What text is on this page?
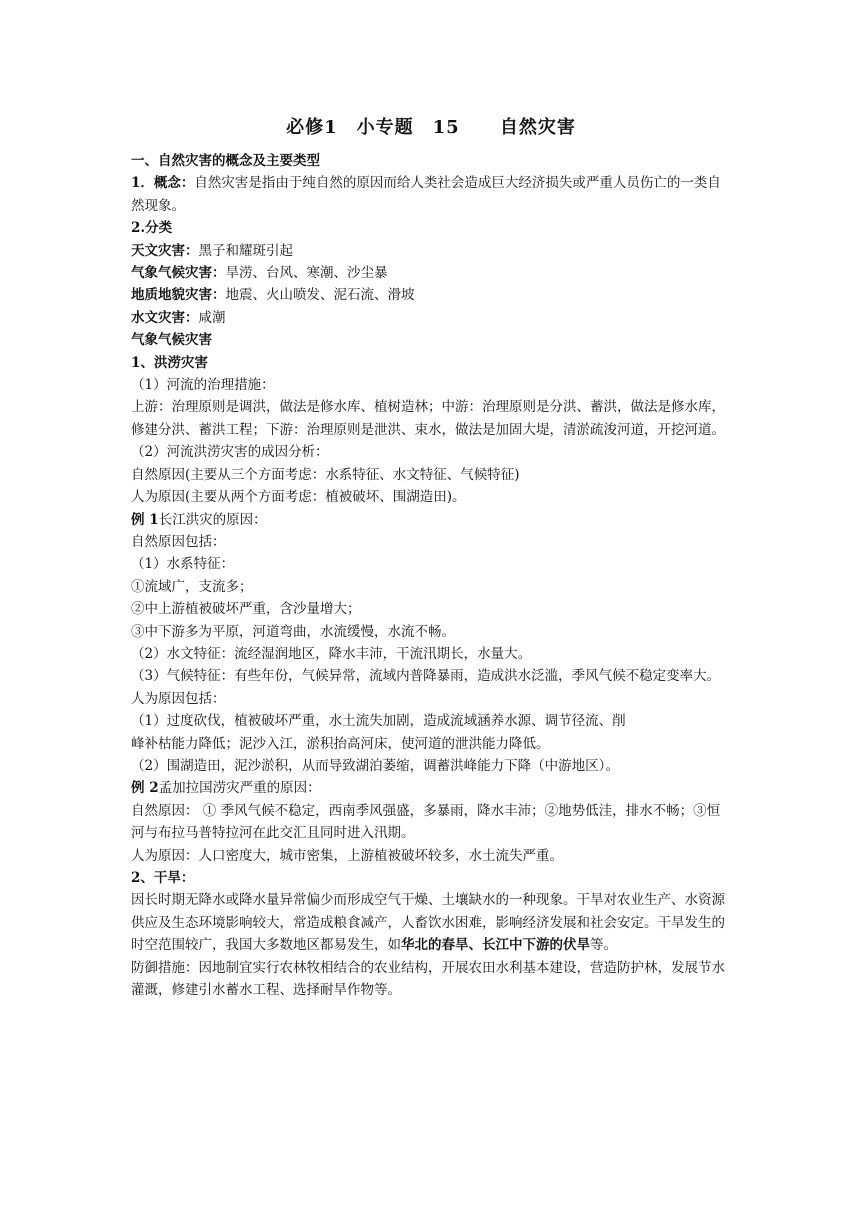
必修1　小专题　15　 自然灾害

一、自然灾害的概念及主要类型

1．概念：自然灾害是指由于纯自然的原因而给人类社会造成巨大经济损失或严重人员伤亡的一类自然现象。

2.分类

天文灾害：黑子和耀斑引起

气象气候灾害：旱涝、台风、寒潮、沙尘暴

地质地貌灾害：地震、火山喷发、泥石流、滑坡

水文灾害：咸潮

气象气候灾害

1、洪涝灾害

（1）河流的治理措施：

上游：治理原则是调洪，做法是修水库、植树造林；中游：治理原则是分洪、蓄洪，做法是修水库，修建分洪、蓄洪工程；下游：治理原则是泄洪、束水，做法是加固大堤，清淤疏浚河道，开挖河道。

（2）河流洪涝灾害的成因分析：

自然原因(主要从三个方面考虑：水系特征、水文特征、气候特征)

人为原因(主要从两个方面考虑：植被破坏、围湖造田)。

例 1长江洪灾的原因：

自然原因包括：

（1）水系特征：

①流域广，支流多；

②中上游植被破坏严重，含沙量增大；

③中下游多为平原，河道弯曲，水流缓慢，水流不畅。

（2）水文特征：流经湿润地区，降水丰沛，干流汛期长，水量大。

（3）气候特征：有些年份，气候异常，流域内普降暴雨，造成洪水泛滥，季风气候不稳定变率大。

人为原因包括：

（1）过度砍伐，植被破坏严重，水土流失加剧，造成流域涵养水源、调节径流、削

峰补枯能力降低；泥沙入江，淤积抬高河床，使河道的泄洪能力降低。

（2）围湖造田，泥沙淤积，从而导致湖泊萎缩，调蓄洪峰能力下降（中游地区）。

例 2孟加拉国涝灾严重的原因：

自然原因： ① 季风气候不稳定，西南季风强盛，多暴雨，降水丰沛；②地势低洼，排水不畅；③恒河与布拉马普特拉河在此交汇且同时进入汛期。

人为原因：人口密度大，城市密集，上游植被破坏较多，水土流失严重。

2、干旱：

因长时期无降水或降水量异常偏少而形成空气干燥、土壤缺水的一种现象。干旱对农业生产、水资源供应及生态环境影响较大，常造成粮食减产，人畜饮水困难，影响经济发展和社会安定。干旱发生的时空范围较广，我国大多数地区都易发生，如华北的春旱、长江中下游的伏旱等。

防御措施：因地制宜实行农林牧相结合的农业结构，开展农田水利基本建设，营造防护林，发展节水灌溉，修建引水蓄水工程、选择耐旱作物等。
